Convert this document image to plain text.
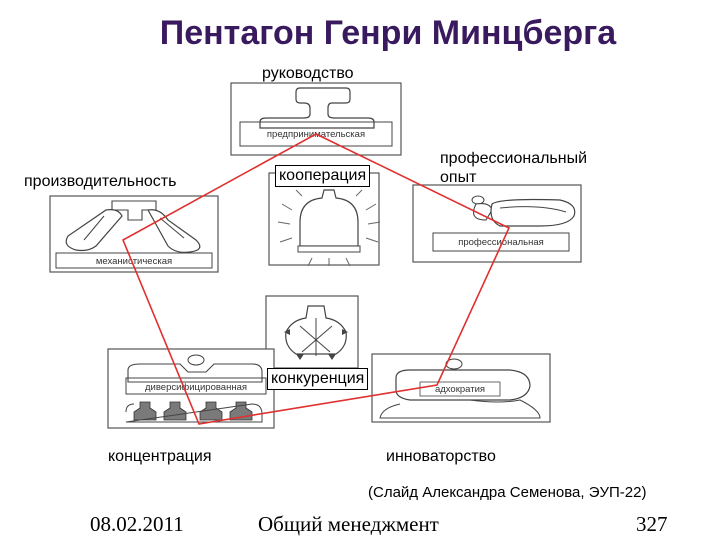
Пентагон Генри Минцберга
предпринимательская
механистическая
профессиональная
диверсифицированная	адхократия
руководство
производительность
профессиональный опыт
концентрация	инноваторство
кооперация
конкуренция
(Слайд Александра Семенова, ЭУП-22)
08.02.2011	Общий менеджмент	327
